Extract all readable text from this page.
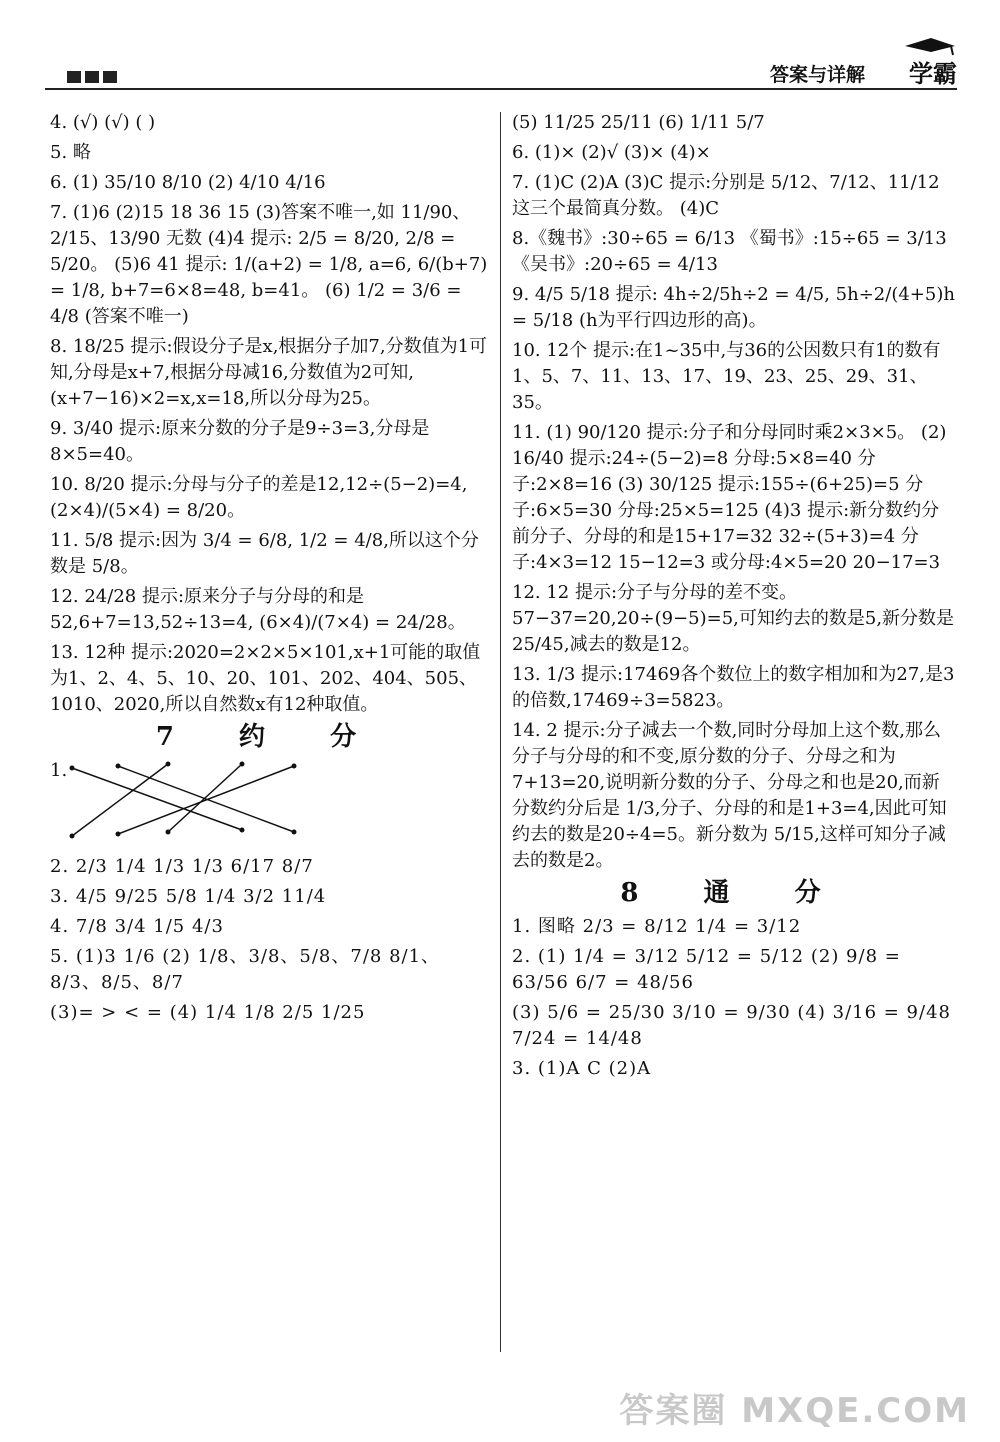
答案与详解 学霸
4. (√) (√) ( )
5. 略
6. (1) 35/10 8/10 (2) 4/10 4/16
7. (1)6 (2)15 18 36 15 (3)答案不唯一,如 11/90、2/15、13/90 无数 (4)4 提示: 2/5 = 8/20, 2/8 = 5/20。 (5)6 41 提示: 1/(a+2) = 1/8, a=6, 6/(b+7) = 1/8, b+7=6×8=48, b=41。 (6) 1/2 = 3/6 = 4/8 (答案不唯一)
8. 18/25 提示:假设分子是x,根据分子加7,分数值为1可知,分母是x+7,根据分母减16,分数值为2可知,(x+7−16)×2=x,x=18,所以分母为25。
9. 3/40 提示:原来分数的分子是9÷3=3,分母是8×5=40。
10. 8/20 提示:分母与分子的差是12,12÷(5−2)=4, (2×4)/(5×4) = 8/20。
11. 5/8 提示:因为 3/4 = 6/8, 1/2 = 4/8,所以这个分数是 5/8。
12. 24/28 提示:原来分子与分母的和是52,6+7=13,52÷13=4, (6×4)/(7×4) = 24/28。
13. 12种 提示:2020=2×2×5×101,x+1可能的取值为1、2、4、5、10、20、101、202、404、505、1010、2020,所以自然数x有12种取值。
7 约 分
1.
2. 2/3 1/4 1/3 1/3 6/17 8/7
3. 4/5 9/25 5/8 1/4 3/2 11/4
4. 7/8 3/4 1/5 4/3
5. (1)3 1/6 (2) 1/8、3/8、5/8、7/8 8/1、8/3、8/5、8/7
(3)= > < = (4) 1/4 1/8 2/5 1/25
(5) 11/25 25/11 (6) 1/11 5/7
6. (1)× (2)√ (3)× (4)×
7. (1)C (2)A (3)C 提示:分别是 5/12、7/12、11/12 这三个最简真分数。 (4)C
8.《魏书》:30÷65 = 6/13 《蜀书》:15÷65 = 3/13 《吴书》:20÷65 = 4/13
9. 4/5 5/18 提示: 4h÷2/5h÷2 = 4/5, 5h÷2/(4+5)h = 5/18 (h为平行四边形的高)。
10. 12个 提示:在1~35中,与36的公因数只有1的数有1、5、7、11、13、17、19、23、25、29、31、35。
11. (1) 90/120 提示:分子和分母同时乘2×3×5。 (2) 16/40 提示:24÷(5−2)=8 分母:5×8=40 分子:2×8=16 (3) 30/125 提示:155÷(6+25)=5 分子:6×5=30 分母:25×5=125 (4)3 提示:新分数约分前分子、分母的和是15+17=32 32÷(5+3)=4 分子:4×3=12 15−12=3 或分母:4×5=20 20−17=3
12. 12 提示:分子与分母的差不变。57−37=20,20÷(9−5)=5,可知约去的数是5,新分数是 25/45,减去的数是12。
13. 1/3 提示:17469各个数位上的数字相加和为27,是3的倍数,17469÷3=5823。
14. 2 提示:分子减去一个数,同时分母加上这个数,那么分子与分母的和不变,原分数的分子、分母之和为7+13=20,说明新分数的分子、分母之和也是20,而新分数约分后是 1/3,分子、分母的和是1+3=4,因此可知约去的数是20÷4=5。新分数为 5/15,这样可知分子减去的数是2。
8 通 分
1. 图略 2/3 = 8/12 1/4 = 3/12
2. (1) 1/4 = 3/12 5/12 = 5/12 (2) 9/8 = 63/56 6/7 = 48/56
(3) 5/6 = 25/30 3/10 = 9/30 (4) 3/16 = 9/48 7/24 = 14/48
3. (1)A C (2)A
答案圈 MXQE.COM
